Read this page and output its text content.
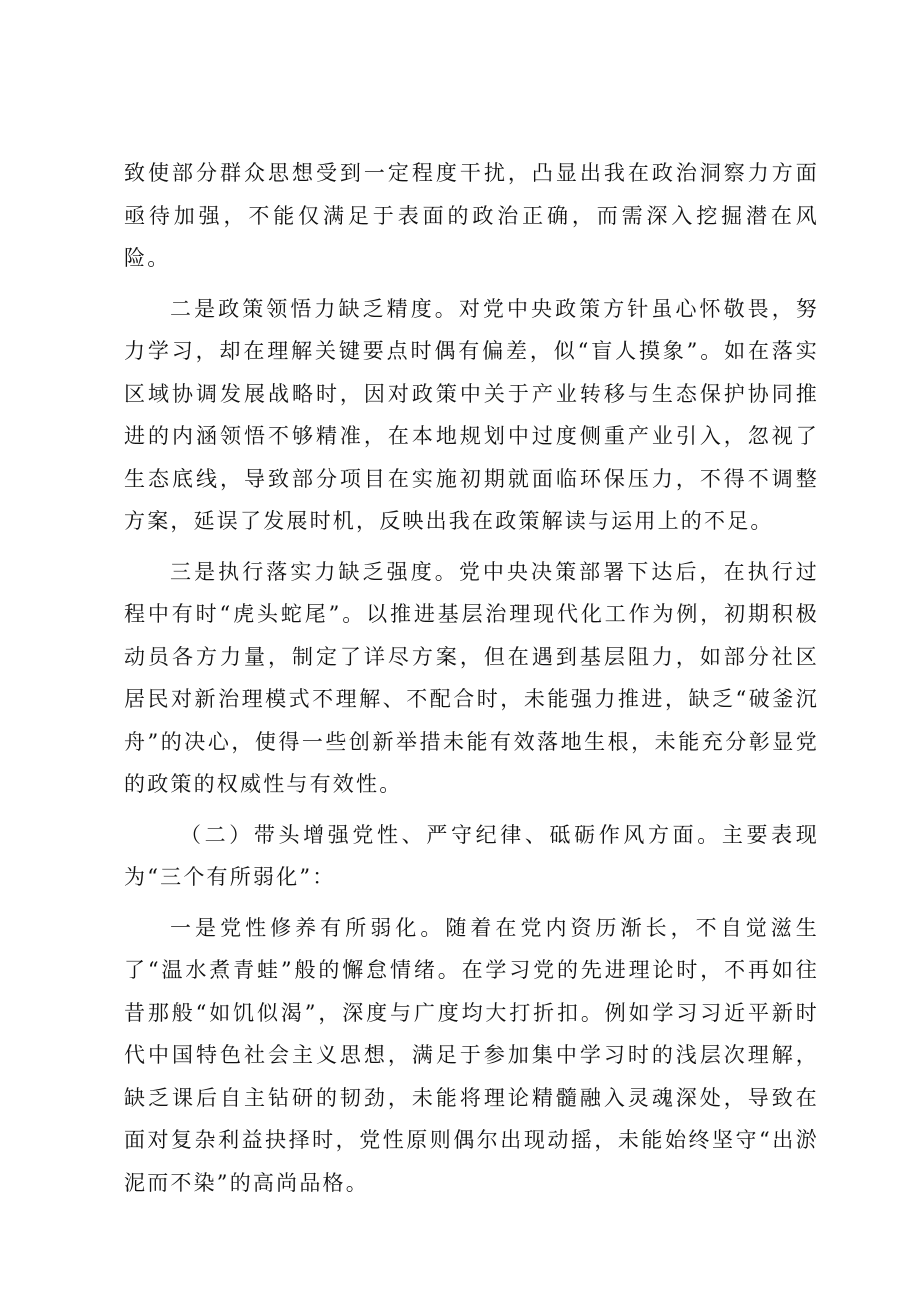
致使部分群众思想受到一定程度干扰，凸显出我在政治洞察力方面亟待加强，不能仅满足于表面的政治正确，而需深入挖掘潜在风险。

二是政策领悟力缺乏精度。对党中央政策方针虽心怀敬畏，努力学习，却在理解关键要点时偶有偏差，似“盲人摸象”。如在落实区域协调发展战略时，因对政策中关于产业转移与生态保护协同推进的内涵领悟不够精准，在本地规划中过度侧重产业引入，忽视了生态底线，导致部分项目在实施初期就面临环保压力，不得不调整方案，延误了发展时机，反映出我在政策解读与运用上的不足。

三是执行落实力缺乏强度。党中央决策部署下达后，在执行过程中有时“虎头蛇尾”。以推进基层治理现代化工作为例，初期积极动员各方力量，制定了详尽方案，但在遇到基层阻力，如部分社区居民对新治理模式不理解、不配合时，未能强力推进，缺乏“破釜沉舟”的决心，使得一些创新举措未能有效落地生根，未能充分彰显党的政策的权威性与有效性。

（二）带头增强党性、严守纪律、砥砺作风方面。主要表现为“三个有所弱化”：

一是党性修养有所弱化。随着在党内资历渐长，不自觉滋生了“温水煮青蛙”般的懈怠情绪。在学习党的先进理论时，不再如往昔那般“如饥似渴”，深度与广度均大打折扣。例如学习习近平新时代中国特色社会主义思想，满足于参加集中学习时的浅层次理解，缺乏课后自主钻研的韧劲，未能将理论精髓融入灵魂深处，导致在面对复杂利益抉择时，党性原则偶尔出现动摇，未能始终坚守“出淤泥而不染”的高尚品格。
